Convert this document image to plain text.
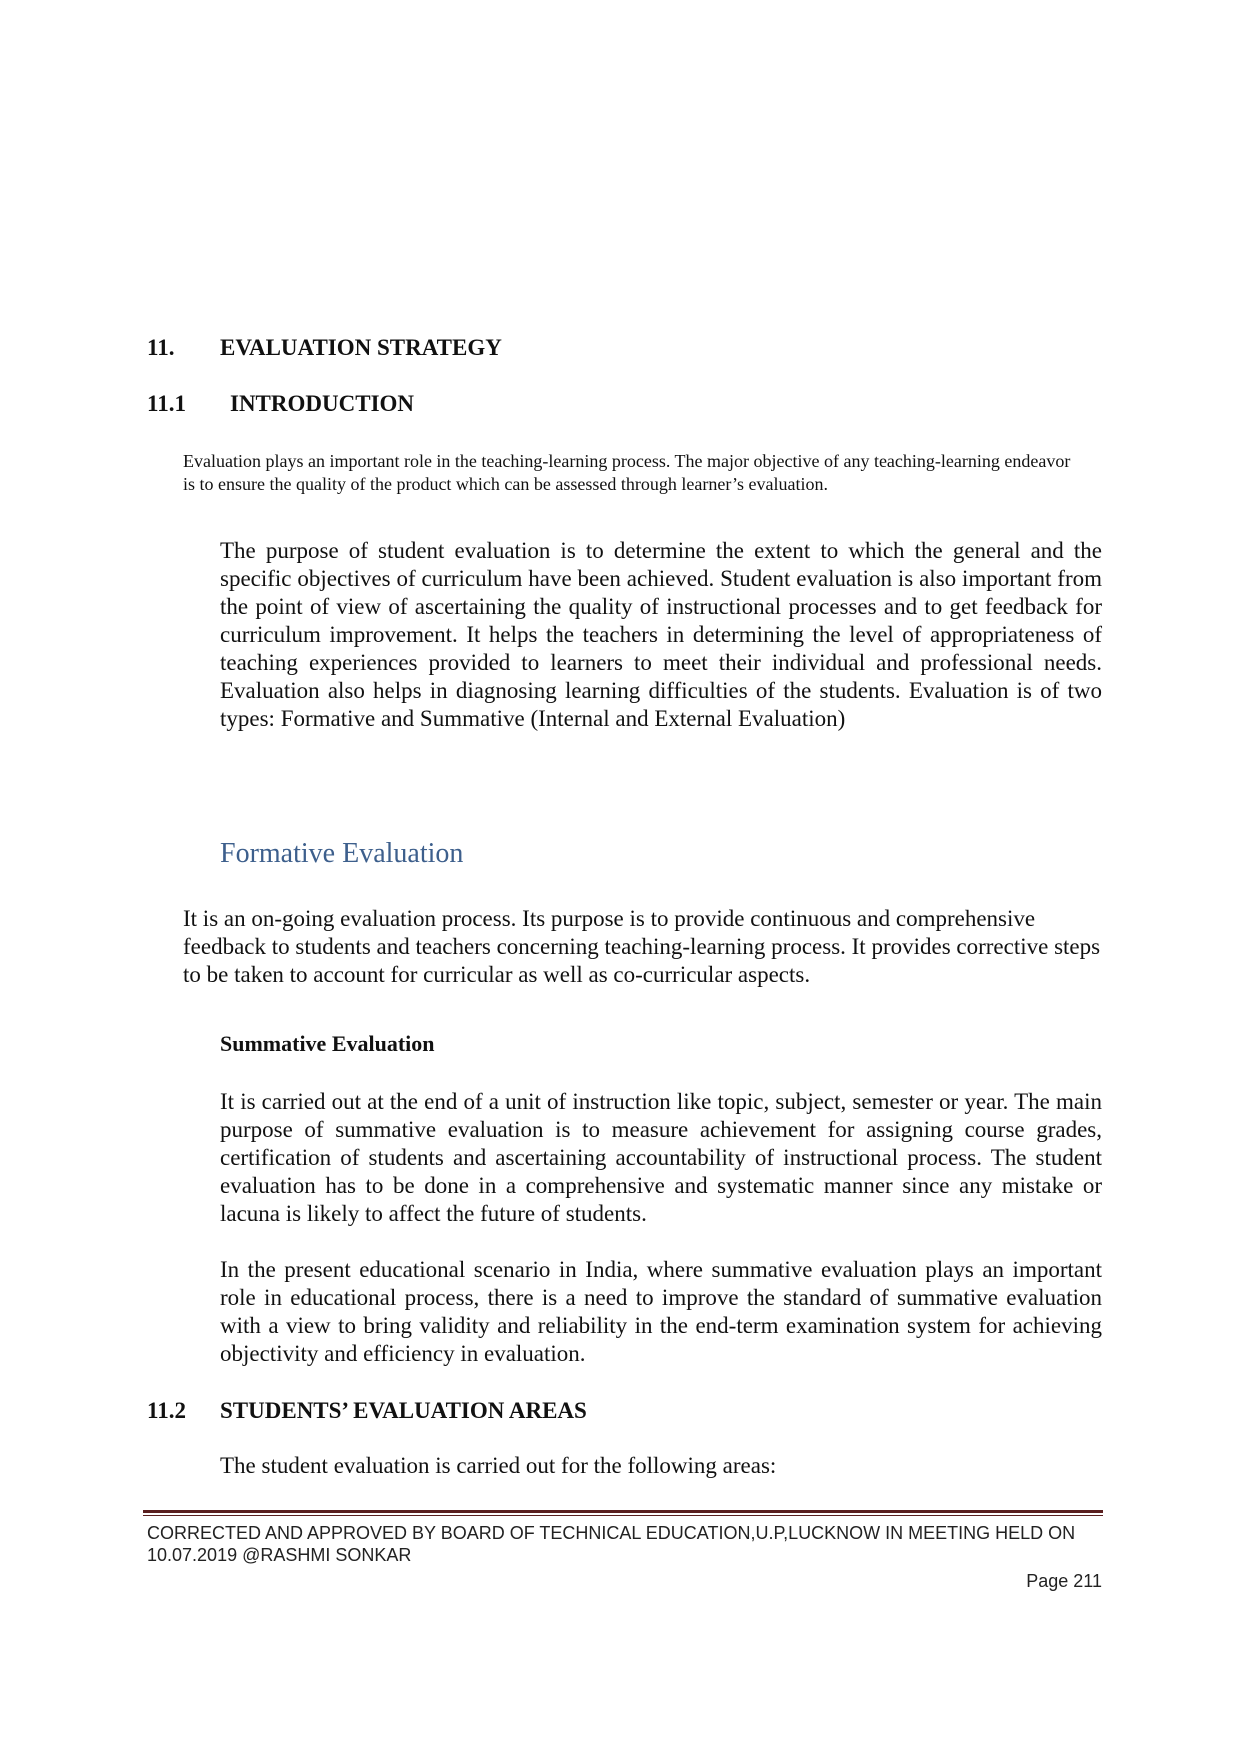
11. EVALUATION STRATEGY
11.1 INTRODUCTION

Evaluation plays an important role in the teaching-learning process. The major objective of any teaching-learning endeavor is to ensure the quality of the product which can be assessed through learner’s evaluation.

The purpose of student evaluation is to determine the extent to which the general and the specific objectives of curriculum have been achieved. Student evaluation is also important from the point of view of ascertaining the quality of instructional processes and to get feedback for curriculum improvement. It helps the teachers in determining the level of appropriateness of teaching experiences provided to learners to meet their individual and professional needs. Evaluation also helps in diagnosing learning difficulties of the students. Evaluation is of two types: Formative and Summative (Internal and External Evaluation)

Formative Evaluation

It is an on-going evaluation process. Its purpose is to provide continuous and comprehensive feedback to students and teachers concerning teaching-learning process. It provides corrective steps to be taken to account for curricular as well as co-curricular aspects.

Summative Evaluation

It is carried out at the end of a unit of instruction like topic, subject, semester or year. The main purpose of summative evaluation is to measure achievement for assigning course grades, certification of students and ascertaining accountability of instructional process. The student evaluation has to be done in a comprehensive and systematic manner since any mistake or lacuna is likely to affect the future of students.

In the present educational scenario in India, where summative evaluation plays an important role in educational process, there is a need to improve the standard of summative evaluation with a view to bring validity and reliability in the end-term examination system for achieving objectivity and efficiency in evaluation.

11.2 STUDENTS’ EVALUATION AREAS

The student evaluation is carried out for the following areas:

CORRECTED AND APPROVED BY BOARD OF TECHNICAL EDUCATION,U.P,LUCKNOW IN MEETING HELD ON
10.07.2019 @RASHMI SONKAR
Page 211
